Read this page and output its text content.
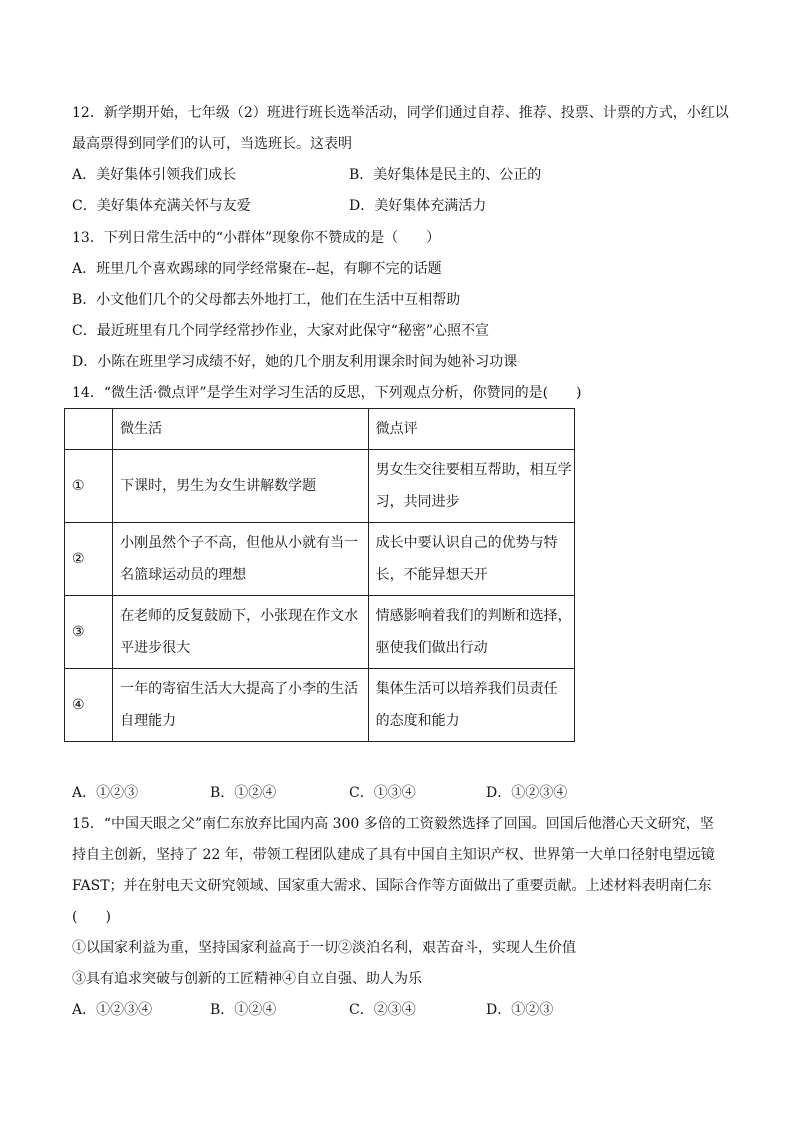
12．新学期开始，七年级（2）班进行班长选举活动，同学们通过自荐、推荐、投票、计票的方式，小红以
最高票得到同学们的认可，当选班长。这表明
A．美好集体引领我们成长	B．美好集体是民主的、公正的
C．美好集体充满关怀与友爱	D．美好集体充满活力
13．下列日常生活中的“小群体”现象你不赞成的是（　　）
A．班里几个喜欢踢球的同学经常聚在--起，有聊不完的话题
B．小文他们几个的父母都去外地打工，他们在生活中互相帮助
C．最近班里有几个同学经常抄作业，大家对此保守“秘密”心照不宣
D．小陈在班里学习成绩不好，她的几个朋友利用课余时间为她补习功课
14．“微生活·微点评”是学生对学习生活的反思，下列观点分析，你赞同的是(　　)
	微生活	微点评
①	下课时，男生为女生讲解数学题	男女生交往要相互帮助，相互学
习，共同进步

②	小刚虽然个子不高，但他从小就有当一
名篮球运动员的理想	成长中要认识自己的优势与特
长，不能异想天开

③	在老师的反复鼓励下，小张现在作文水
平进步很大	情感影响着我们的判断和选择，
驱使我们做出行动

④	一年的寄宿生活大大提高了小李的生活
自理能力	集体生活可以培养我们员责任
的态度和能力
A．①②③	B．①②④	C．①③④	D．①②③④
15．“中国天眼之父”南仁东放弃比国内高 300 多倍的工资毅然选择了回国。回国后他潜心天文研究，坚
持自主创新，坚持了 22 年，带领工程团队建成了具有中国自主知识产权、世界第一大单口径射电望远镜
FAST；并在射电天文研究领域、国家重大需求、国际合作等方面做出了重要贡献。上述材料表明南仁东
(　　)
①以国家利益为重，坚持国家利益高于一切②淡泊名利，艰苦奋斗，实现人生价值
③具有追求突破与创新的工匠精神④自立自强、助人为乐
A．①②③④	B．①②④	C．②③④	D．①②③
